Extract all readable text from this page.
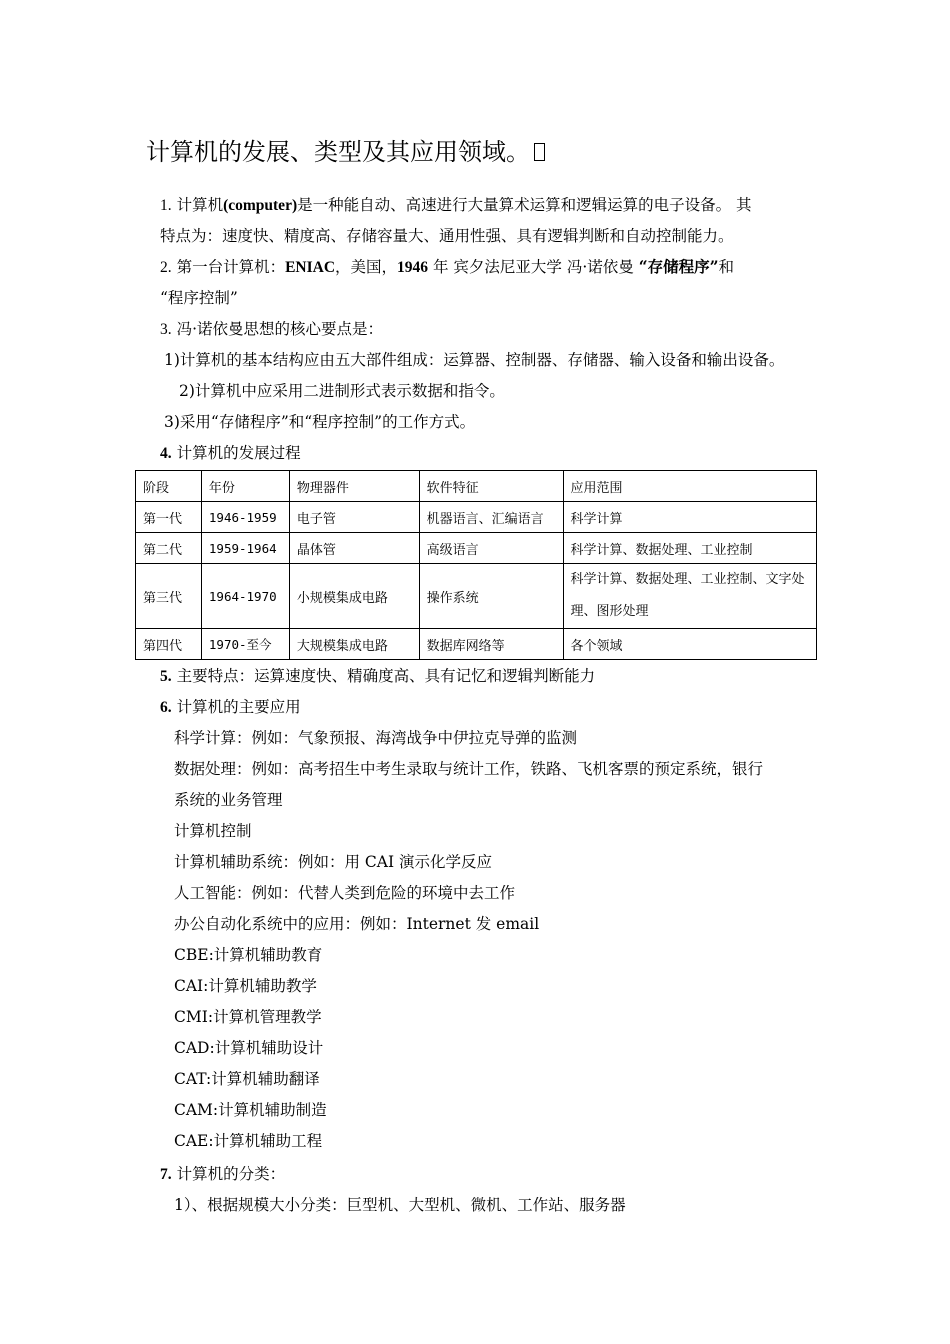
计算机的发展、类型及其应用领域。
1. 计算机(computer)是一种能自动、高速进行大量算术运算和逻辑运算的电子设备。 其
特点为：速度快、精度高、存储容量大、通用性强、具有逻辑判断和自动控制能力。
2. 第一台计算机：ENIAC，美国，1946 年 宾夕法尼亚大学 冯·诺依曼 “存储程序”和
“程序控制”
3. 冯·诺依曼思想的核心要点是：
1)计算机的基本结构应由五大部件组成：运算器、控制器、存储器、输入设备和输出设备。
2)计算机中应采用二进制形式表示数据和指令。
3)采用“存储程序”和“程序控制”的工作方式。
4. 计算机的发展过程
阶段	年份	物理器件	软件特征	应用范围
第一代	1946-1959	电子管	机器语言、汇编语言	科学计算
第二代	1959-1964	晶体管	高级语言	科学计算、数据处理、工业控制
第三代	1964-1970	小规模集成电路	操作系统	科学计算、数据处理、工业控制、文字处理、图形处理
第四代	1970-至今	大规模集成电路	数据库网络等	各个领域
5. 主要特点：运算速度快、精确度高、具有记忆和逻辑判断能力
6. 计算机的主要应用
科学计算：例如：气象预报、海湾战争中伊拉克导弹的监测
数据处理：例如：高考招生中考生录取与统计工作，铁路、飞机客票的预定系统，银行
系统的业务管理
计算机控制
计算机辅助系统：例如：用 CAI 演示化学反应
人工智能：例如：代替人类到危险的环境中去工作
办公自动化系统中的应用：例如：Internet 发 email
CBE:计算机辅助教育
CAI:计算机辅助教学
CMI:计算机管理教学
CAD:计算机辅助设计
CAT:计算机辅助翻译
CAM:计算机辅助制造
CAE:计算机辅助工程
7. 计算机的分类：
1）、根据规模大小分类：巨型机、大型机、微机、工作站、服务器
